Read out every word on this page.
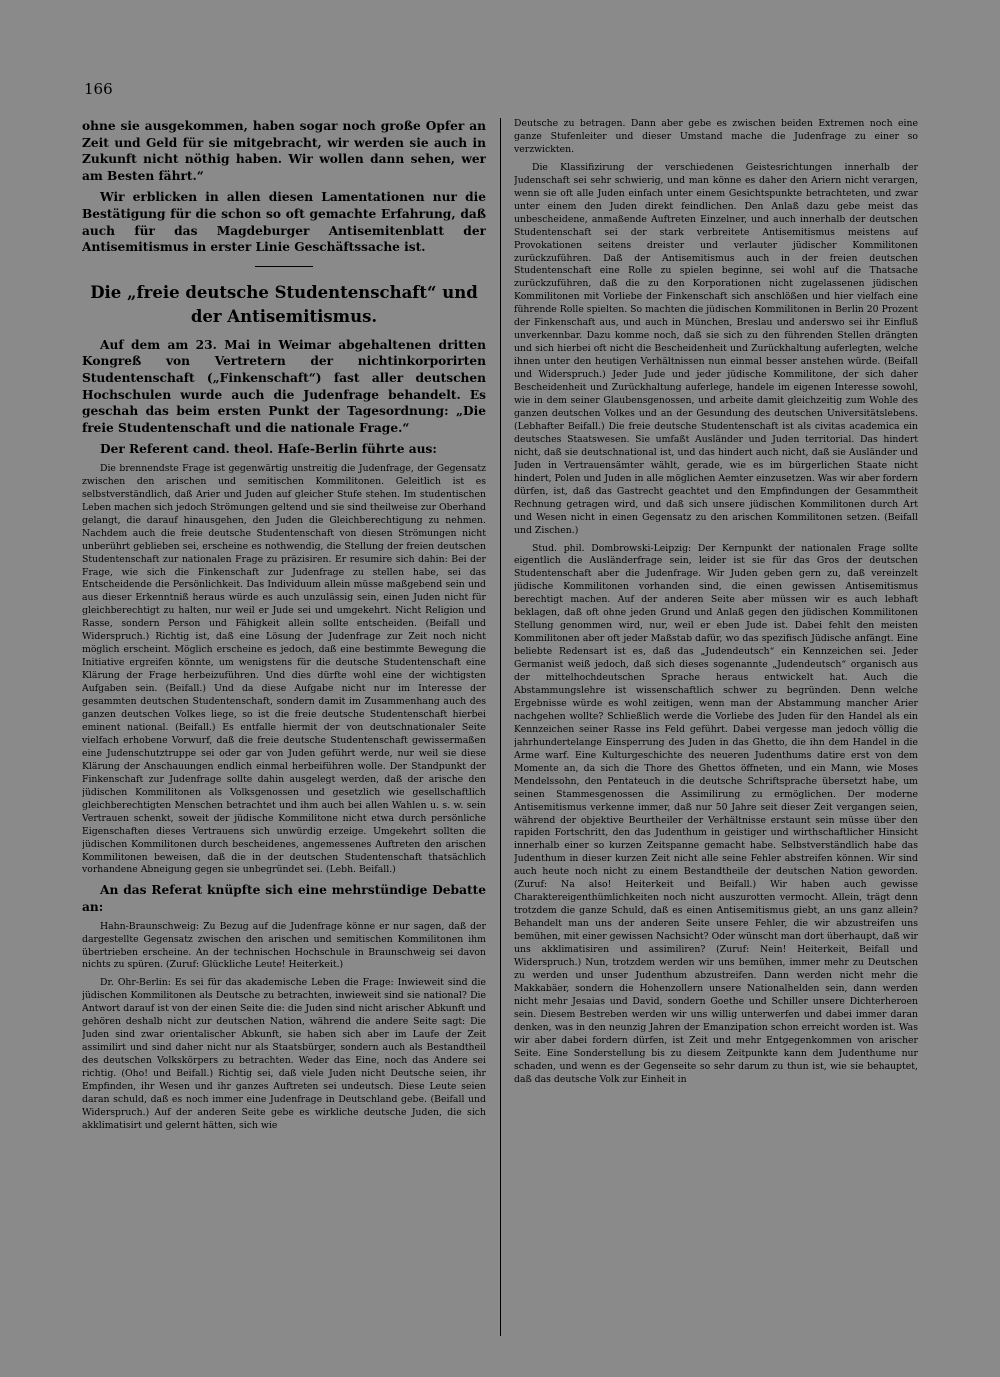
166

ohne sie ausgekommen, haben sogar noch große Opfer an Zeit und Geld für sie mitgebracht, wir werden sie auch in Zukunft nicht nöthig haben. Wir wollen dann sehen, wer am Besten fährt.“

Wir erblicken in allen diesen Lamentationen nur die Bestätigung für die schon so oft gemachte Erfahrung, daß auch für das Magdeburger Antisemitenblatt der Antisemitismus in erster Linie Geschäftssache ist.

Die „freie deutsche Studentenschaft“ und der Antisemitismus.

Auf dem am 23. Mai in Weimar abgehaltenen dritten Kongreß von Vertretern der nichtinkorporirten Studentenschaft („Finkenschaft“) fast aller deutschen Hochschulen wurde auch die Judenfrage behandelt. Es geschah das beim ersten Punkt der Tagesordnung: „Die freie Studentenschaft und die nationale Frage.“

Der Referent cand. theol. Haſe-Berlin führte aus:

Die brennendste Frage ist gegenwärtig unstreitig die Judenfrage, der Gegensatz zwischen den arischen und semitischen Kommilitonen. Geleitlich ist es selbstverständlich, daß Arier und Juden auf gleicher Stufe stehen. Im studentischen Leben machen sich jedoch Strömungen geltend und sie sind theilweise zur Oberhand gelangt, die darauf hinausgehen, den Juden die Gleichberechtigung zu nehmen. Nachdem auch die freie deutsche Studentenschaft von diesen Strömungen nicht unberührt geblieben sei, erscheine es nothwendig, die Stellung der freien deutschen Studentenschaft zur nationalen Frage zu präzisiren. Er resumire sich dahin: Bei der Frage, wie sich die Finkenschaft zur Judenfrage zu stellen habe, sei das Entscheidende die Persönlichkeit. Das Individuum allein müsse maßgebend sein und aus dieser Erkenntniß heraus würde es auch unzulässig sein, einen Juden nicht für gleichberechtigt zu halten, nur weil er Jude sei und umgekehrt. Nicht Religion und Rasse, sondern Person und Fähigkeit allein sollte entscheiden. (Beifall und Widerspruch.) Richtig ist, daß eine Lösung der Judenfrage zur Zeit noch nicht möglich erscheint. Möglich erscheine es jedoch, daß eine bestimmte Bewegung die Initiative ergreifen könnte, um wenigstens für die deutsche Studentenschaft eine Klärung der Frage herbeizuführen. Und dies dürfte wohl eine der wichtigsten Aufgaben sein. (Beifall.) Und da diese Aufgabe nicht nur im Interesse der gesammten deutschen Studentenschaft, sondern damit im Zusammenhang auch des ganzen deutschen Volkes liege, so ist die freie deutsche Studentenschaft hierbei eminent national. (Beifall.) Es entfalle hiermit der von deutschnationaler Seite vielfach erhobene Vorwurf, daß die freie deutsche Studentenschaft gewissermaßen eine Judenschutztruppe sei oder gar von Juden geführt werde, nur weil sie diese Klärung der Anschauungen endlich einmal herbeiführen wolle. Der Standpunkt der Finkenschaft zur Judenfrage sollte dahin ausgelegt werden, daß der arische den jüdischen Kommilitonen als Volksgenossen und gesetzlich wie gesellschaftlich gleichberechtigten Menschen betrachtet und ihm auch bei allen Wahlen u. s. w. sein Vertrauen schenkt, soweit der jüdische Kommilitone nicht etwa durch persönliche Eigenschaften dieses Vertrauens sich unwürdig erzeige. Umgekehrt sollten die jüdischen Kommilitonen durch bescheidenes, angemessenes Auftreten den arischen Kommilitonen beweisen, daß die in der deutschen Studentenschaft thatsächlich vorhandene Abneigung gegen sie unbegründet sei. (Lebh. Beifall.)

An das Referat knüpfte sich eine mehrstündige Debatte an:

Hahn-Braunschweig: Zu Bezug auf die Judenfrage könne er nur sagen, daß der dargestellte Gegensatz zwischen den arischen und semitischen Kommilitonen ihm übertrieben erscheine. An der technischen Hochschule in Braunschweig sei davon nichts zu spüren. (Zuruf: Glückliche Leute! Heiterkeit.)

Dr. Ohr-Berlin: Es sei für das akademische Leben die Frage: Inwieweit sind die jüdischen Kommilitonen als Deutsche zu betrachten, inwieweit sind sie national? Die Antwort darauf ist von der einen Seite die: die Juden sind nicht arischer Abkunft und gehören deshalb nicht zur deutschen Nation, während die andere Seite sagt: Die Juden sind zwar orientalischer Abkunft, sie haben sich aber im Laufe der Zeit assimilirt und sind daher nicht nur als Staatsbürger, sondern auch als Bestandtheil des deutschen Volkskörpers zu betrachten. Weder das Eine, noch das Andere sei richtig. (Oho! und Beifall.) Richtig sei, daß viele Juden nicht Deutsche seien, ihr Empfinden, ihr Wesen und ihr ganzes Auftreten sei undeutsch. Diese Leute seien daran schuld, daß es noch immer eine Judenfrage in Deutschland gebe. (Beifall und Widerspruch.) Auf der anderen Seite gebe es wirkliche deutsche Juden, die sich akklimatisirt und gelernt hätten, sich wie

Deutsche zu betragen. Dann aber gebe es zwischen beiden Extremen noch eine ganze Stufenleiter und dieser Umstand mache die Judenfrage zu einer so verzwickten.

Die Klassifizirung der verschiedenen Geistesrichtungen innerhalb der Judenschaft sei sehr schwierig, und man könne es daher den Ariern nicht verargen, wenn sie oft alle Juden einfach unter einem Gesichtspunkte betrachteten, und zwar unter einem den Juden direkt feindlichen. Den Anlaß dazu gebe meist das unbescheidene, anmaßende Auftreten Einzelner, und auch innerhalb der deutschen Studentenschaft sei der stark verbreitete Antisemitismus meistens auf Provokationen seitens dreister und verlauter jüdischer Kommilitonen zurückzuführen. Daß der Antisemitismus auch in der freien deutschen Studentenschaft eine Rolle zu spielen beginne, sei wohl auf die Thatsache zurückzuführen, daß die zu den Korporationen nicht zugelassenen jüdischen Kommilitonen mit Vorliebe der Finkenschaft sich anschlößen und hier vielfach eine führende Rolle spielten. So machten die jüdischen Kommilitonen in Berlin 20 Prozent der Finkenschaft aus, und auch in München, Breslau und anderswo sei ihr Einfluß unverkennbar. Dazu komme noch, daß sie sich zu den führenden Stellen drängten und sich hierbei oft nicht die Bescheidenheit und Zurückhaltung auferlegten, welche ihnen unter den heutigen Verhältnissen nun einmal besser anstehen würde. (Beifall und Widerspruch.) Jeder Jude und jeder jüdische Kommilitone, der sich daher Bescheidenheit und Zurückhaltung auferlege, handele im eigenen Interesse sowohl, wie in dem seiner Glaubensgenossen, und arbeite damit gleichzeitig zum Wohle des ganzen deutschen Volkes und an der Gesundung des deutschen Universitätslebens. (Lebhafter Beifall.) Die freie deutsche Studentenschaft ist als civitas academica ein deutsches Staatswesen. Sie umfaßt Ausländer und Juden territorial. Das hindert nicht, daß sie deutschnational ist, und das hindert auch nicht, daß sie Ausländer und Juden in Vertrauensämter wählt, gerade, wie es im bürgerlichen Staate nicht hindert, Polen und Juden in alle möglichen Aemter einzusetzen. Was wir aber fordern dürfen, ist, daß das Gastrecht geachtet und den Empfindungen der Gesammtheit Rechnung getragen wird, und daß sich unsere jüdischen Kommilitonen durch Art und Wesen nicht in einen Gegensatz zu den arischen Kommilitonen setzen. (Beifall und Zischen.)

Stud. phil. Dombrowski-Leipzig: Der Kernpunkt der nationalen Frage sollte eigentlich die Ausländerfrage sein, leider ist sie für das Gros der deutschen Studentenschaft aber die Judenfrage. Wir Juden geben gern zu, daß vereinzelt jüdische Kommilitonen vorhanden sind, die einen gewissen Antisemitismus berechtigt machen. Auf der anderen Seite aber müssen wir es auch lebhaft beklagen, daß oft ohne jeden Grund und Anlaß gegen den jüdischen Kommilitonen Stellung genommen wird, nur, weil er eben Jude ist. Dabei fehlt den meisten Kommilitonen aber oft jeder Maßstab dafür, wo das spezifisch Jüdische anfängt. Eine beliebte Redensart ist es, daß das „Judendeutsch“ ein Kennzeichen sei. Jeder Germanist weiß jedoch, daß sich dieses sogenannte „Judendeutsch“ organisch aus der mittelhochdeutschen Sprache heraus entwickelt hat. Auch die Abstammungslehre ist wissenschaftlich schwer zu begründen. Denn welche Ergebnisse würde es wohl zeitigen, wenn man der Abstammung mancher Arier nachgehen wollte? Schließlich werde die Vorliebe des Juden für den Handel als ein Kennzeichen seiner Rasse ins Feld geführt. Dabei vergesse man jedoch völlig die jahrhundertelange Einsperrung des Juden in das Ghetto, die ihn dem Handel in die Arme warf. Eine Kulturgeschichte des neueren Judenthums datire erst von dem Momente an, da sich die Thore des Ghettos öffneten, und ein Mann, wie Moses Mendelssohn, den Pentateuch in die deutsche Schriftsprache übersetzt habe, um seinen Stammesgenossen die Assimilirung zu ermöglichen. Der moderne Antisemitismus verkenne immer, daß nur 50 Jahre seit dieser Zeit vergangen seien, während der objektive Beurtheiler der Verhältnisse erstaunt sein müsse über den rapiden Fortschritt, den das Judenthum in geistiger und wirthschaftlicher Hinsicht innerhalb einer so kurzen Zeitspanne gemacht habe. Selbstverständlich habe das Judenthum in dieser kurzen Zeit nicht alle seine Fehler abstreifen können. Wir sind auch heute noch nicht zu einem Bestandtheile der deutschen Nation geworden. (Zuruf: Na also! Heiterkeit und Beifall.) Wir haben auch gewisse Charaktereigenthümlichkeiten noch nicht auszurotten vermocht. Allein, trägt denn trotzdem die ganze Schuld, daß es einen Antisemitismus giebt, an uns ganz allein? Behandelt man uns der anderen Seite unsere Fehler, die wir abzustreifen uns bemühen, mit einer gewissen Nachsicht? Oder wünscht man dort überhaupt, daß wir uns akklimatisiren und assimiliren? (Zuruf: Nein! Heiterkeit, Beifall und Widerspruch.) Nun, trotzdem werden wir uns bemühen, immer mehr zu Deutschen zu werden und unser Judenthum abzustreifen. Dann werden nicht mehr die Makkabäer, sondern die Hohenzollern unsere Nationalhelden sein, dann werden nicht mehr Jesaias und David, sondern Goethe und Schiller unsere Dichterheroen sein. Diesem Bestreben werden wir uns willig unterwerfen und dabei immer daran denken, was in den neunzig Jahren der Emanzipation schon erreicht worden ist. Was wir aber dabei fordern dürfen, ist Zeit und mehr Entgegenkommen von arischer Seite. Eine Sonderstellung bis zu diesem Zeitpunkte kann dem Judenthume nur schaden, und wenn es der Gegenseite so sehr darum zu thun ist, wie sie behauptet, daß das deutsche Volk zur Einheit in
